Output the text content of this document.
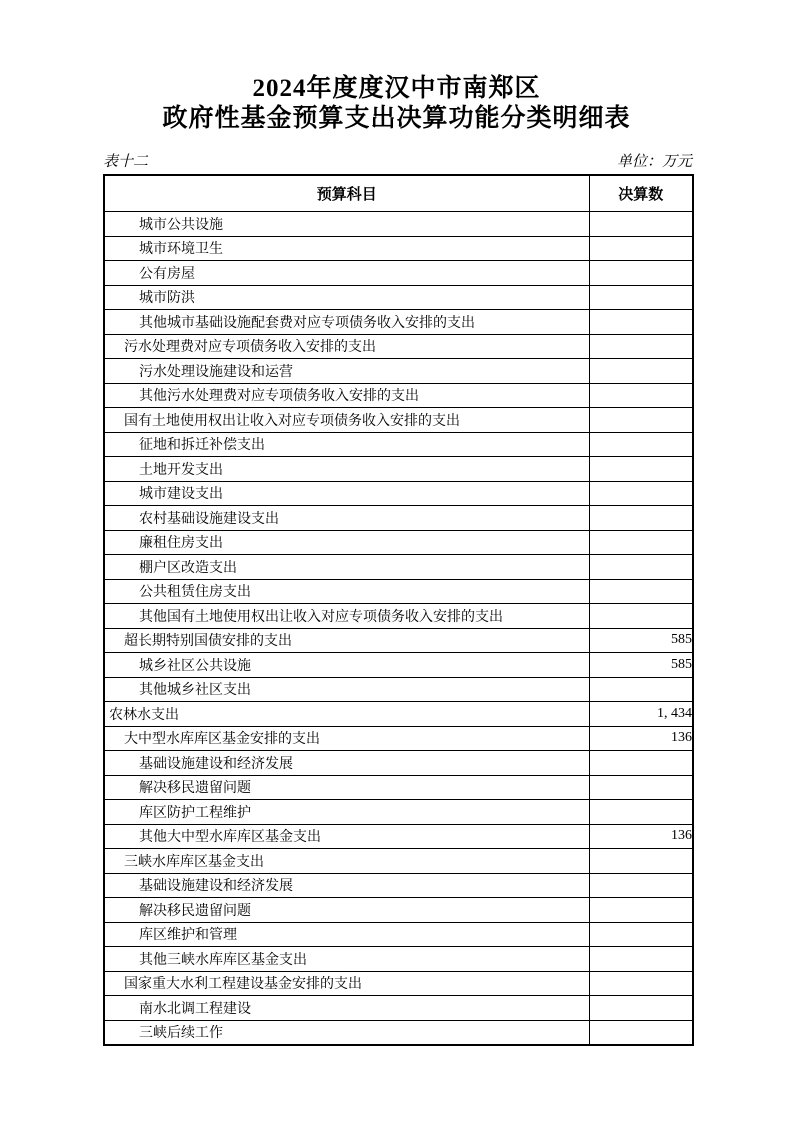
2024年度度汉中市南郑区
政府性基金预算支出决算功能分类明细表
表十二	单位：万元
预算科目	决算数
城市公共设施	
城市环境卫生	
公有房屋	
城市防洪	
其他城市基础设施配套费对应专项债务收入安排的支出	
污水处理费对应专项债务收入安排的支出	
污水处理设施建设和运营	
其他污水处理费对应专项债务收入安排的支出	
国有土地使用权出让收入对应专项债务收入安排的支出	
征地和拆迁补偿支出	
土地开发支出	
城市建设支出	
农村基础设施建设支出	
廉租住房支出	
棚户区改造支出	
公共租赁住房支出	
其他国有土地使用权出让收入对应专项债务收入安排的支出	
超长期特别国债安排的支出	585
城乡社区公共设施	585
其他城乡社区支出	
农林水支出	1, 434
大中型水库库区基金安排的支出	136
基础设施建设和经济发展	
解决移民遗留问题	
库区防护工程维护	
其他大中型水库库区基金支出	136
三峡水库库区基金支出	
基础设施建设和经济发展	
解决移民遗留问题	
库区维护和管理	
其他三峡水库库区基金支出	
国家重大水利工程建设基金安排的支出	
南水北调工程建设	
三峡后续工作	
